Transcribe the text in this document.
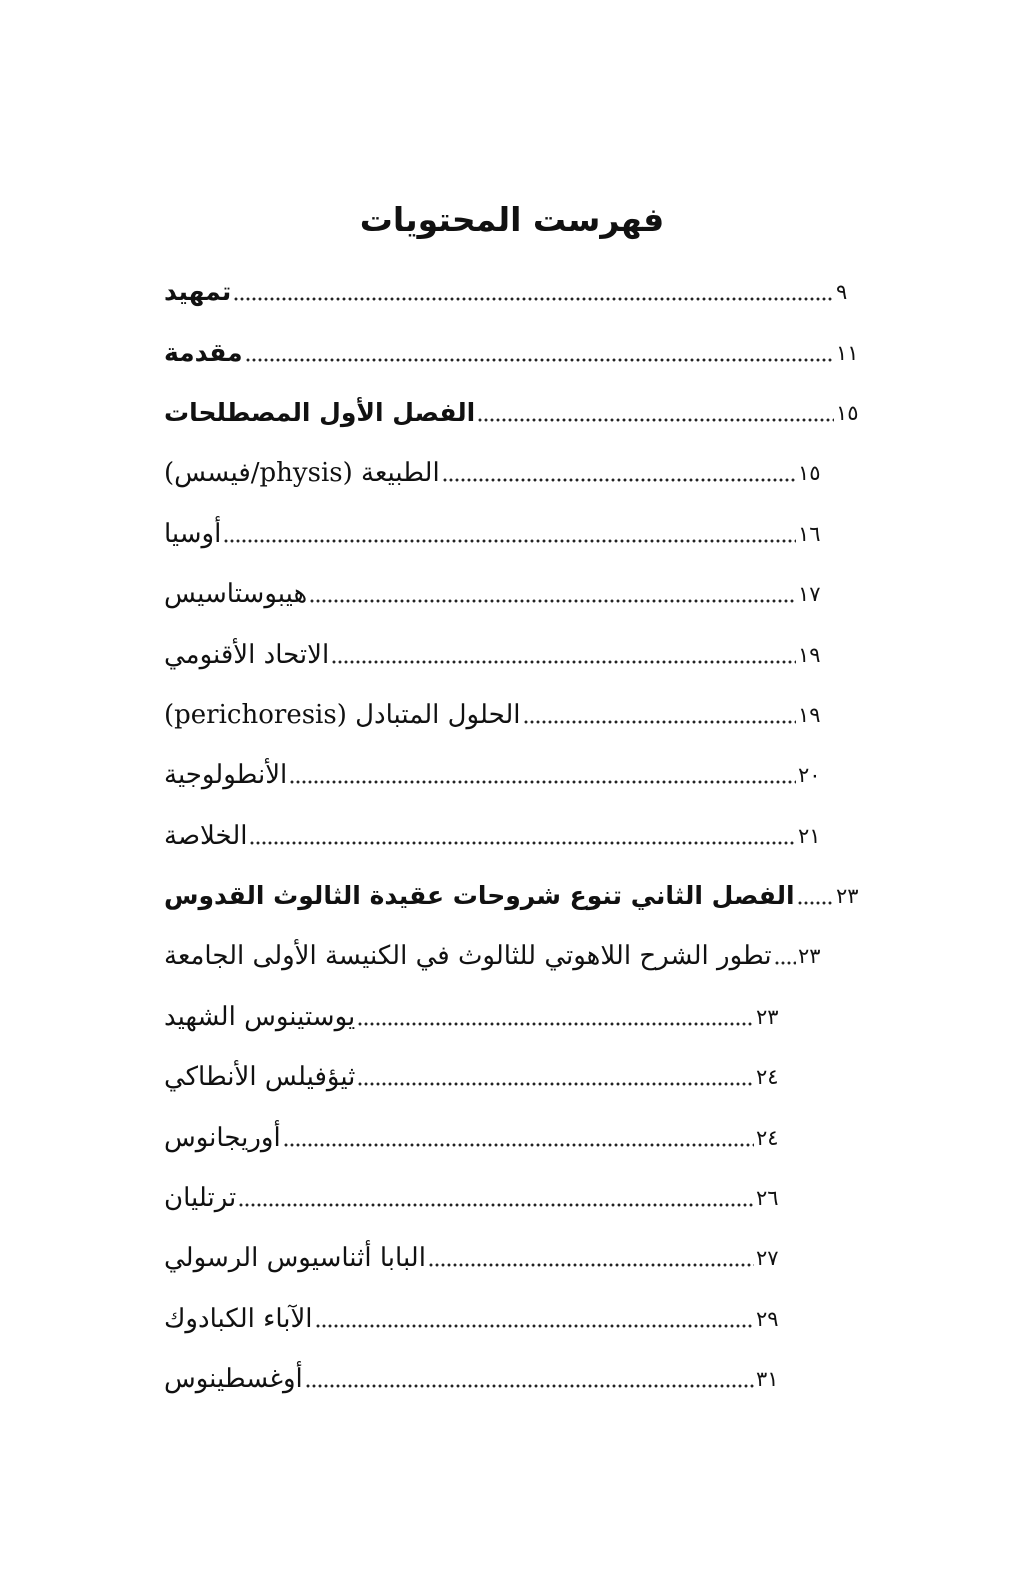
فهرست المحتويات
تمهيد	٩
مقدمة	١١
الفصل الأول المصطلحات	١٥
الطبيعة (physis/فيسس)	١٥
أوسيا	١٦
هيبوستاسيس	١٧
الاتحاد الأقنومي	١٩
الحلول المتبادل (perichoresis)	١٩
الأنطولوجية	٢٠
الخلاصة	٢١
الفصل الثاني تنوع شروحات عقيدة الثالوث القدوس ٢٣
تطور الشرح اللاهوتي للثالوث في الكنيسة الأولى الجامعة ٢٣
يوستينوس الشهيد	٢٣
ثيؤفيلس الأنطاكي	٢٤
أوريجانوس	٢٤
ترتليان	٢٦
البابا أثناسيوس الرسولي	٢٧
الآباء الكبادوك	٢٩
أوغسطينوس	٣١
